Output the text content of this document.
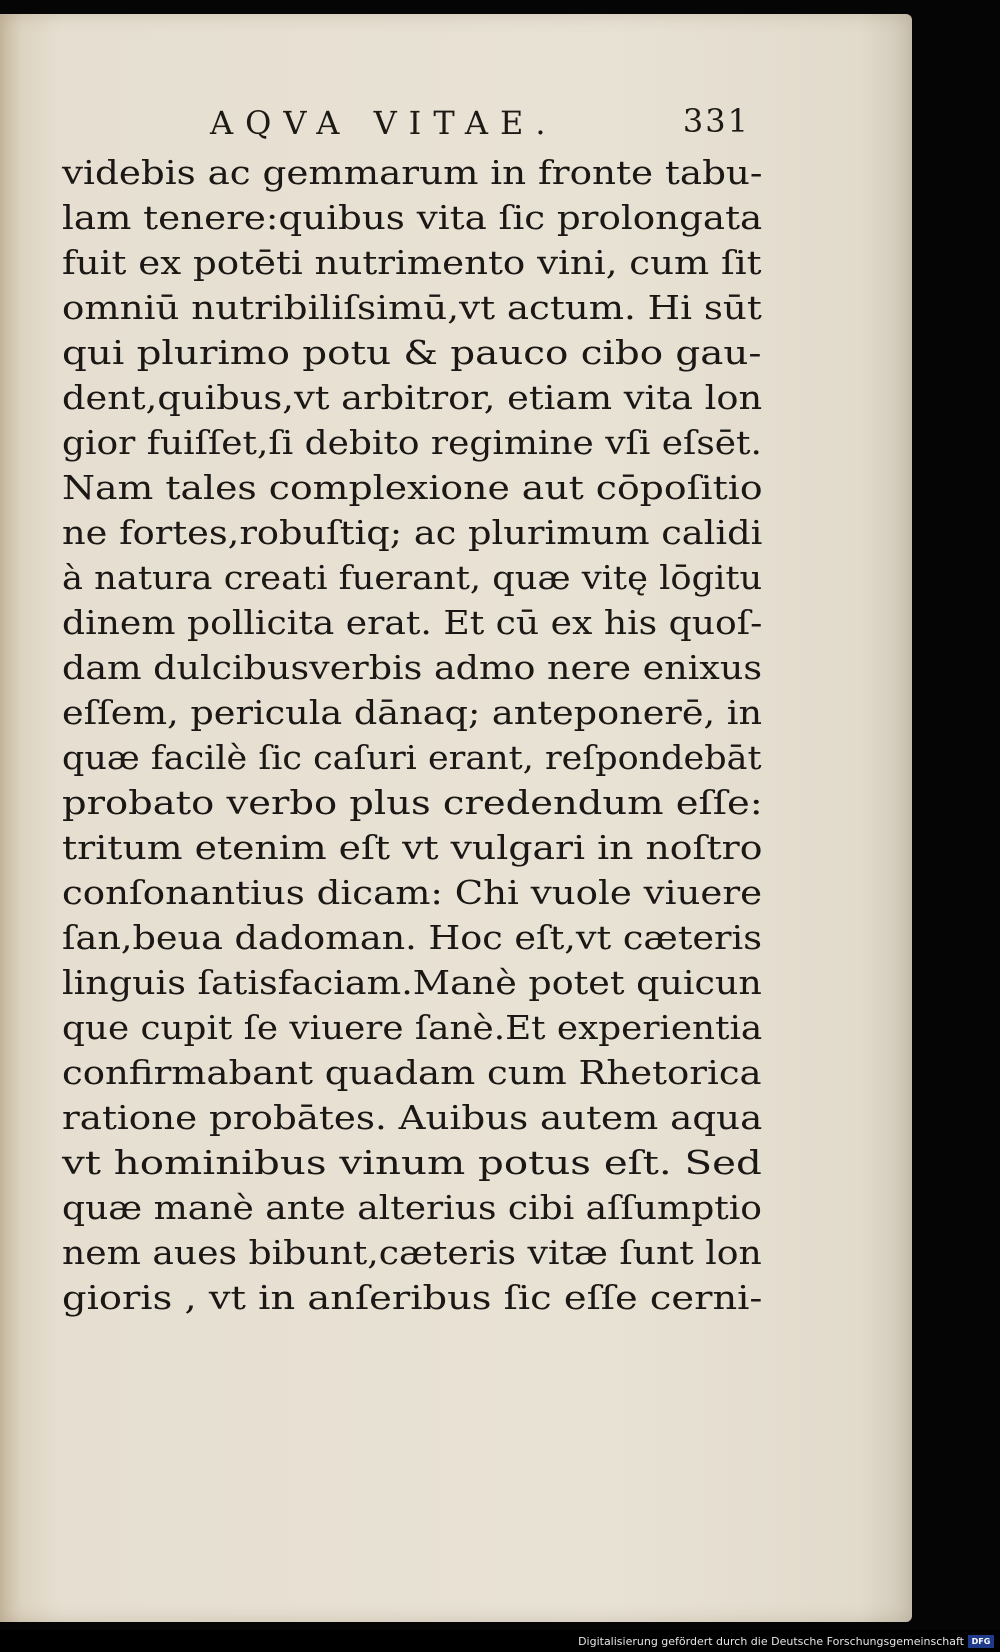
AQVA VITAE.	331
videbis ac gemmarum in fronte tabu-
lam tenere:quibus vita ſic prolongata
fuit ex potēti nutrimento vini, cum ſit
omniū nutribiliſsimū,vt actum. Hi sūt
qui plurimo potu & pauco cibo gau-
dent,quibus,vt arbitror, etiam vita lon
gior fuiſſet,ſi debito regimine vſi eſsēt.
Nam tales complexione aut cōpoſitio
ne fortes,robuſtiq; ac plurimum calidi
à natura creati fuerant, quæ vitę lōgitu
dinem pollicita erat. Et cū ex his quoſ-
dam dulcibusverbis admo nere enixus
eſſem, pericula dānaq; anteponerē, in
quæ facilè ſic caſuri erant, reſpondebāt
probato verbo plus credendum eſſe:
tritum etenim eſt vt vulgari in noſtro
conſonantius dicam: Chi vuole viuere
ſan,beua dadoman. Hoc eſt,vt cæteris
linguis ſatisfaciam.Manè potet quicun
que cupit ſe viuere ſanè.Et experientia
confirmabant quadam cum Rhetorica
ratione probātes. Auibus autem aqua
vt hominibus vinum potus eſt. Sed
quæ manè ante alterius cibi aſſumptio
nem aues bibunt,cæteris vitæ ſunt lon
gioris , vt in anſeribus ſic eſſe cerni-
Digitalisierung gefördert durch die Deutsche Forschungsgemeinschaft DFG
